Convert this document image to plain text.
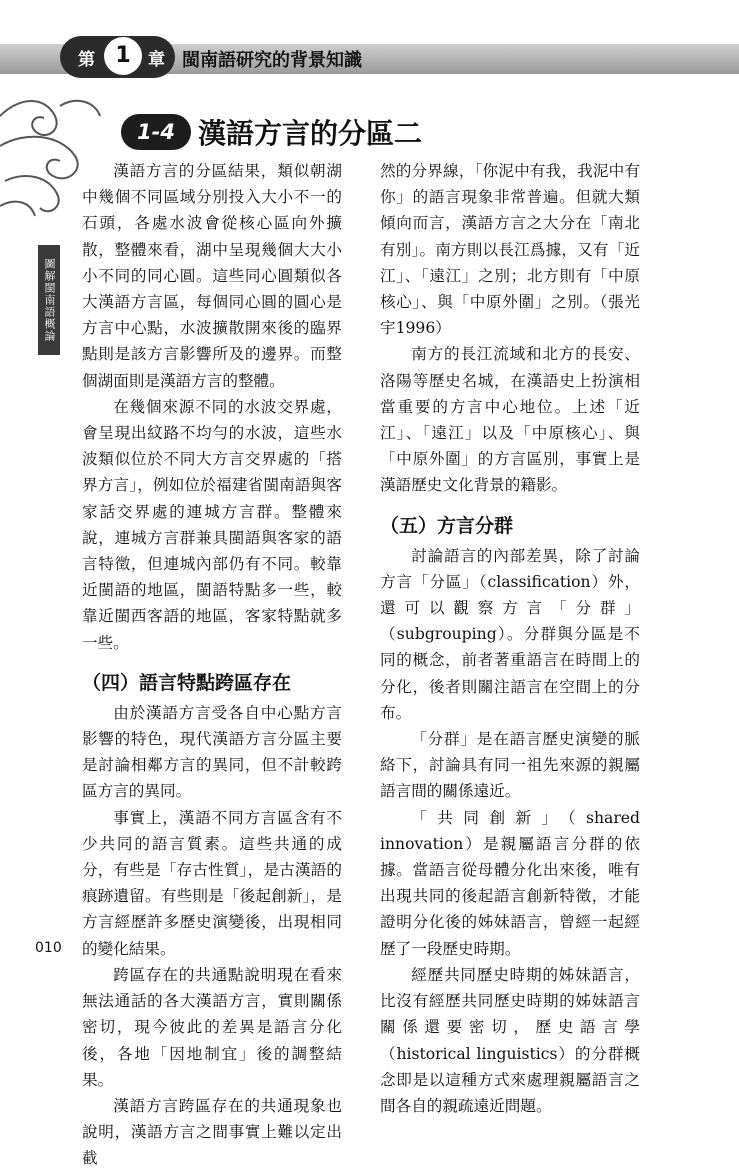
第 1	章 閩南語研究的背景知識
圖解閩南語概論
1-4 漢語方言的分區二

漢語方言的分區結果，類似朝湖中幾個不同區域分別投入大小不一的石頭，各處水波會從核心區向外擴散，整體來看，湖中呈現幾個大大小小不同的同心圓。這些同心圓類似各大漢語方言區，每個同心圓的圓心是方言中心點，水波擴散開來後的臨界點則是該方言影響所及的邊界。而整個湖面則是漢語方言的整體。

在幾個來源不同的水波交界處，會呈現出紋路不均勻的水波，這些水波類似位於不同大方言交界處的「搭界方言」，例如位於福建省閩南語與客家話交界處的連城方言群。整體來說，連城方言群兼具閩語與客家的語言特徵，但連城內部仍有不同。較靠近閩語的地區，閩語特點多一些，較靠近閩西客語的地區，客家特點就多一些。

（四）語言特點跨區存在

由於漢語方言受各自中心點方言影響的特色，現代漢語方言分區主要是討論相鄰方言的異同，但不計較跨區方言的異同。

事實上，漢語不同方言區含有不少共同的語言質素。這些共通的成分，有些是「存古性質」，是古漢語的痕跡遺留。有些則是「後起創新」，是方言經歷許多歷史演變後，出現相同的變化結果。

跨區存在的共通點說明現在看來無法通話的各大漢語方言，實則關係密切，現今彼此的差異是語言分化後，各地「因地制宜」後的調整結果。

漢語方言跨區存在的共通現象也說明，漢語方言之間事實上難以定出截

然的分界線，「你泥中有我，我泥中有你」的語言現象非常普遍。但就大類傾向而言，漢語方言之大分在「南北有別」。南方則以長江爲據，又有「近江」、「遠江」之別；北方則有「中原核心」、與「中原外圍」之別。（張光宇1996）

南方的長江流域和北方的長安、洛陽等歷史名城，在漢語史上扮演相當重要的方言中心地位。上述「近江」、「遠江」以及「中原核心」、與「中原外圍」的方言區別，事實上是漢語歷史文化背景的籍影。

（五）方言分群

討論語言的內部差異，除了討論方言「分區」（classification）外，還可以觀察方言「分群」（subgrouping）。分群與分區是不同的概念，前者著重語言在時間上的分化，後者則關注語言在空間上的分布。

「分群」是在語言歷史演變的脈絡下，討論具有同一祖先來源的親屬語言間的關係遠近。

「共同創新」（shared innovation）是親屬語言分群的依據。當語言從母體分化出來後，唯有出現共同的後起語言創新特徵，才能證明分化後的姊妹語言，曾經一起經歷了一段歷史時期。

經歷共同歷史時期的姊妹語言，比沒有經歷共同歷史時期的姊妹語言關係還要密切，歷史語言學（historical linguistics）的分群概念即是以這種方式來處理親屬語言之間各自的親疏遠近問題。

010
